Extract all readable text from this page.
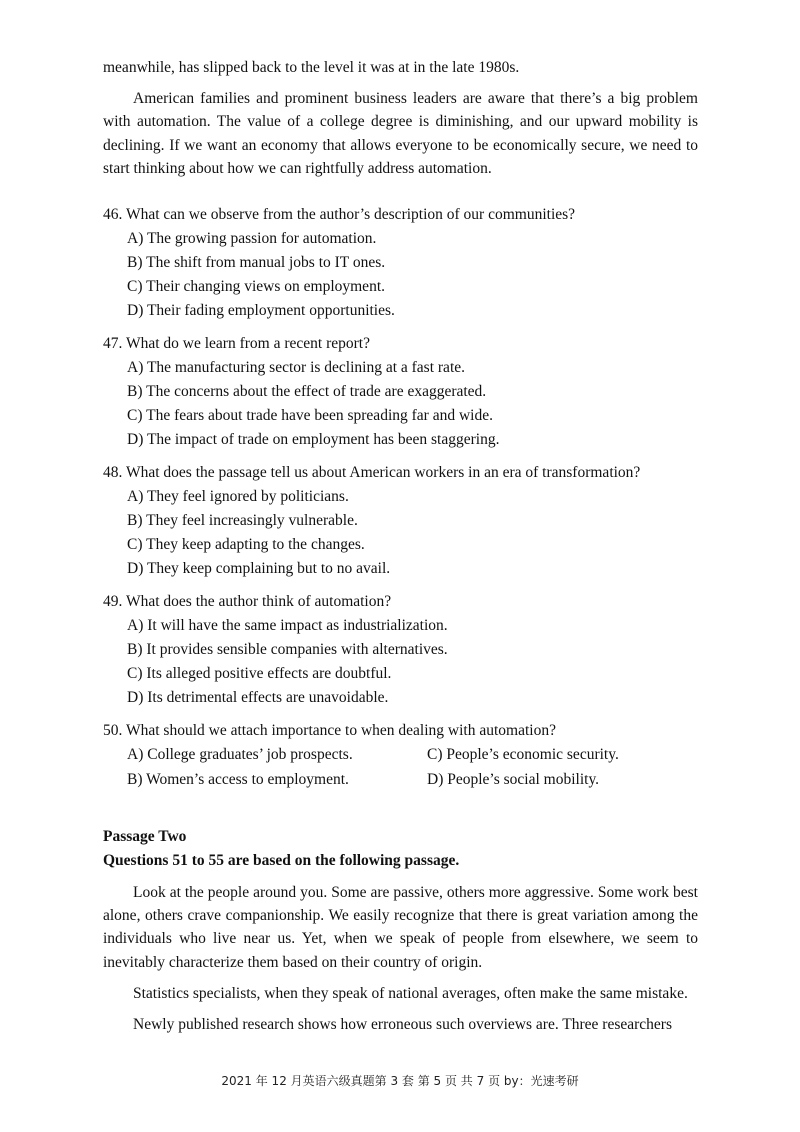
meanwhile, has slipped back to the level it was at in the late 1980s.

American families and prominent business leaders are aware that there’s a big problem with automation. The value of a college degree is diminishing, and our upward mobility is declining. If we want an economy that allows everyone to be economically secure, we need to start thinking about how we can rightfully address automation.

46. What can we observe from the author’s description of our communities?

A) The growing passion for automation.

B) The shift from manual jobs to IT ones.

C) Their changing views on employment.

D) Their fading employment opportunities.

47. What do we learn from a recent report?

A) The manufacturing sector is declining at a fast rate.

B) The concerns about the effect of trade are exaggerated.

C) The fears about trade have been spreading far and wide.

D) The impact of trade on employment has been staggering.

48. What does the passage tell us about American workers in an era of transformation?

A) They feel ignored by politicians.

B) They feel increasingly vulnerable.

C) They keep adapting to the changes.

D) They keep complaining but to no avail.

49. What does the author think of automation?

A) It will have the same impact as industrialization.

B) It provides sensible companies with alternatives.

C) Its alleged positive effects are doubtful.

D) Its detrimental effects are unavoidable.

50. What should we attach importance to when dealing with automation?

A) College graduates’ job prospects.	C) People’s economic security.
B) Women’s access to employment.	D) People’s social mobility.

Passage Two

Questions 51 to 55 are based on the following passage.

Look at the people around you. Some are passive, others more aggressive. Some work best alone, others crave companionship. We easily recognize that there is great variation among the individuals who live near us. Yet, when we speak of people from elsewhere, we seem to inevitably characterize them based on their country of origin.

Statistics specialists, when they speak of national averages, often make the same mistake.

Newly published research shows how erroneous such overviews are. Three researchers

2021 年 12 月英语六级真题第 3 套 第 5 页 共 7 页 by：光速考研
